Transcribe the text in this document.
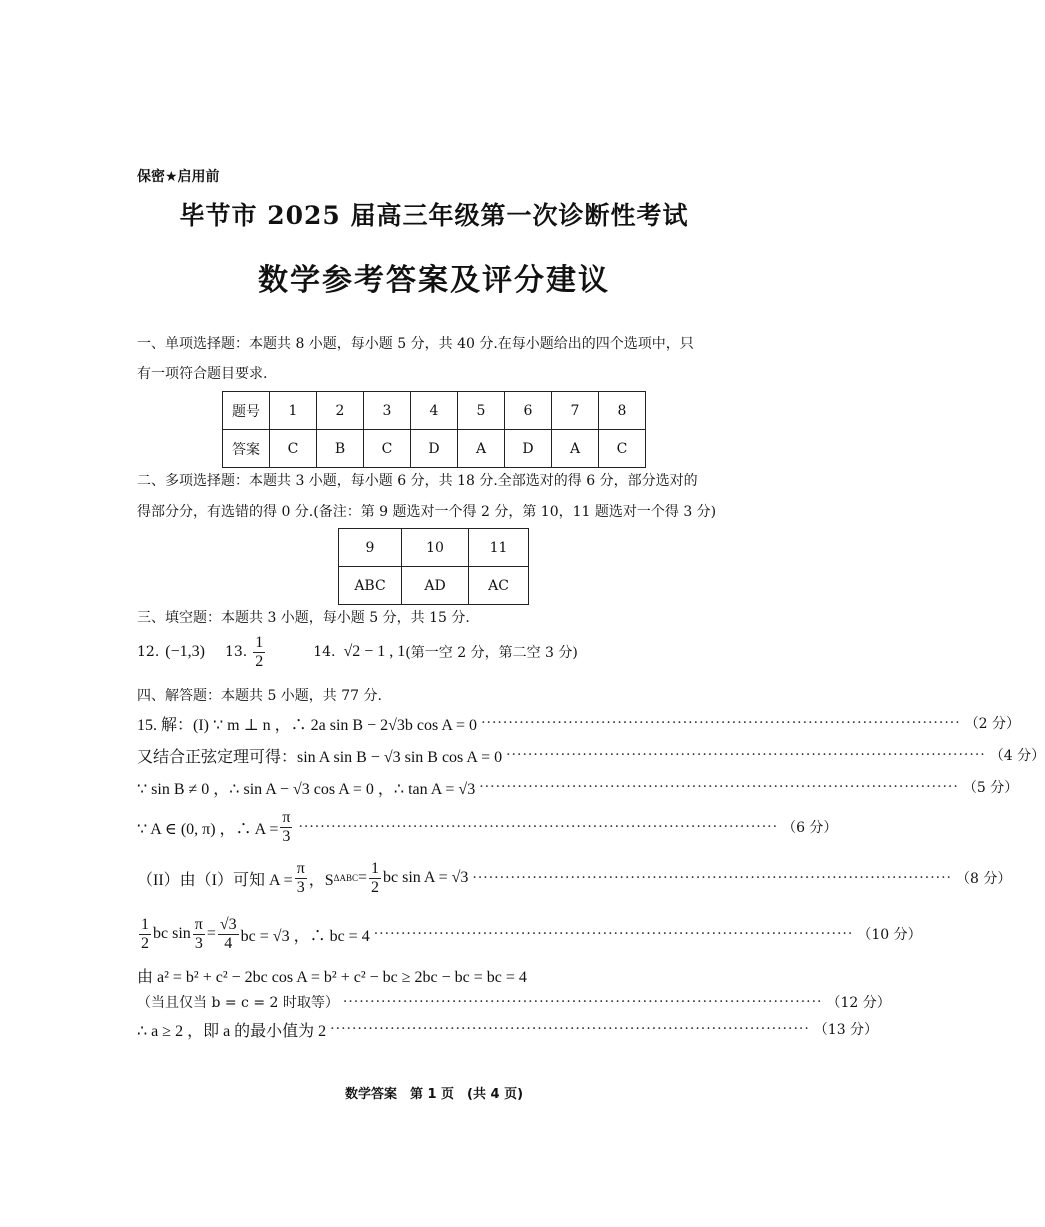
保密★启用前
毕节市 2025 届高三年级第一次诊断性考试
数学参考答案及评分建议
一、单项选择题：本题共 8 小题，每小题 5 分，共 40 分.在每小题给出的四个选项中，只
有一项符合题目要求.
题号	1	2	3	4	5	6	7	8
答案	C	B	C	D	A	D	A	C
二、多项选择题：本题共 3 小题，每小题 6 分，共 18 分.全部选对的得 6 分，部分选对的
得部分分，有选错的得 0 分.(备注：第 9 题选对一个得 2 分，第 10，11 题选对一个得 3 分)
9	10	11
ABC	AD	AC
三、填空题：本题共 3 小题，每小题 5 分，共 15 分.
12. (−1,3) 13. $\frac{1}{2}$	14. √2 − 1 , 1 (第一空 2 分，第二空 3 分)
四、解答题：本题共 5 小题，共 77 分.
15. 解：(I) ∵ m ⊥ n ，∴ 2a sin B − 2√3b cos A = 0 ························································································ （2 分）
又结合正弦定理可得：sin A sin B − √3 sin B cos A = 0 ························································································ （4 分）
∵ sin B ≠ 0 ，∴ sin A − √3 cos A = 0 ，∴ tan A = √3 ························································································ （5 分）
∵ A ∈ (0, π) ，∴ $A = \frac{\pi}{3}$ ························································································ （6 分）
（II）由（I）可知 $A = \frac{\pi}{3}$ ，S $\Delta ABC = \frac{1}{2}$ bc sin A = √3 ························································································ （8 分）
$\frac{1}{2}$ bc $\sin \frac{\pi}{3} = \frac{√3}{4}$ bc = √3 ，∴ bc = 4 ························································································ （10 分）
由 a² = b² + c² − 2bc cos A = b² + c² − bc ≥ 2bc − bc = bc = 4
（当且仅当 b = c = 2 时取等） ························································································ （12 分）
∴ a ≥ 2 ，即 a 的最小值为 2 ························································································ （13 分）
数学答案　第 1 页　(共 4 页)
